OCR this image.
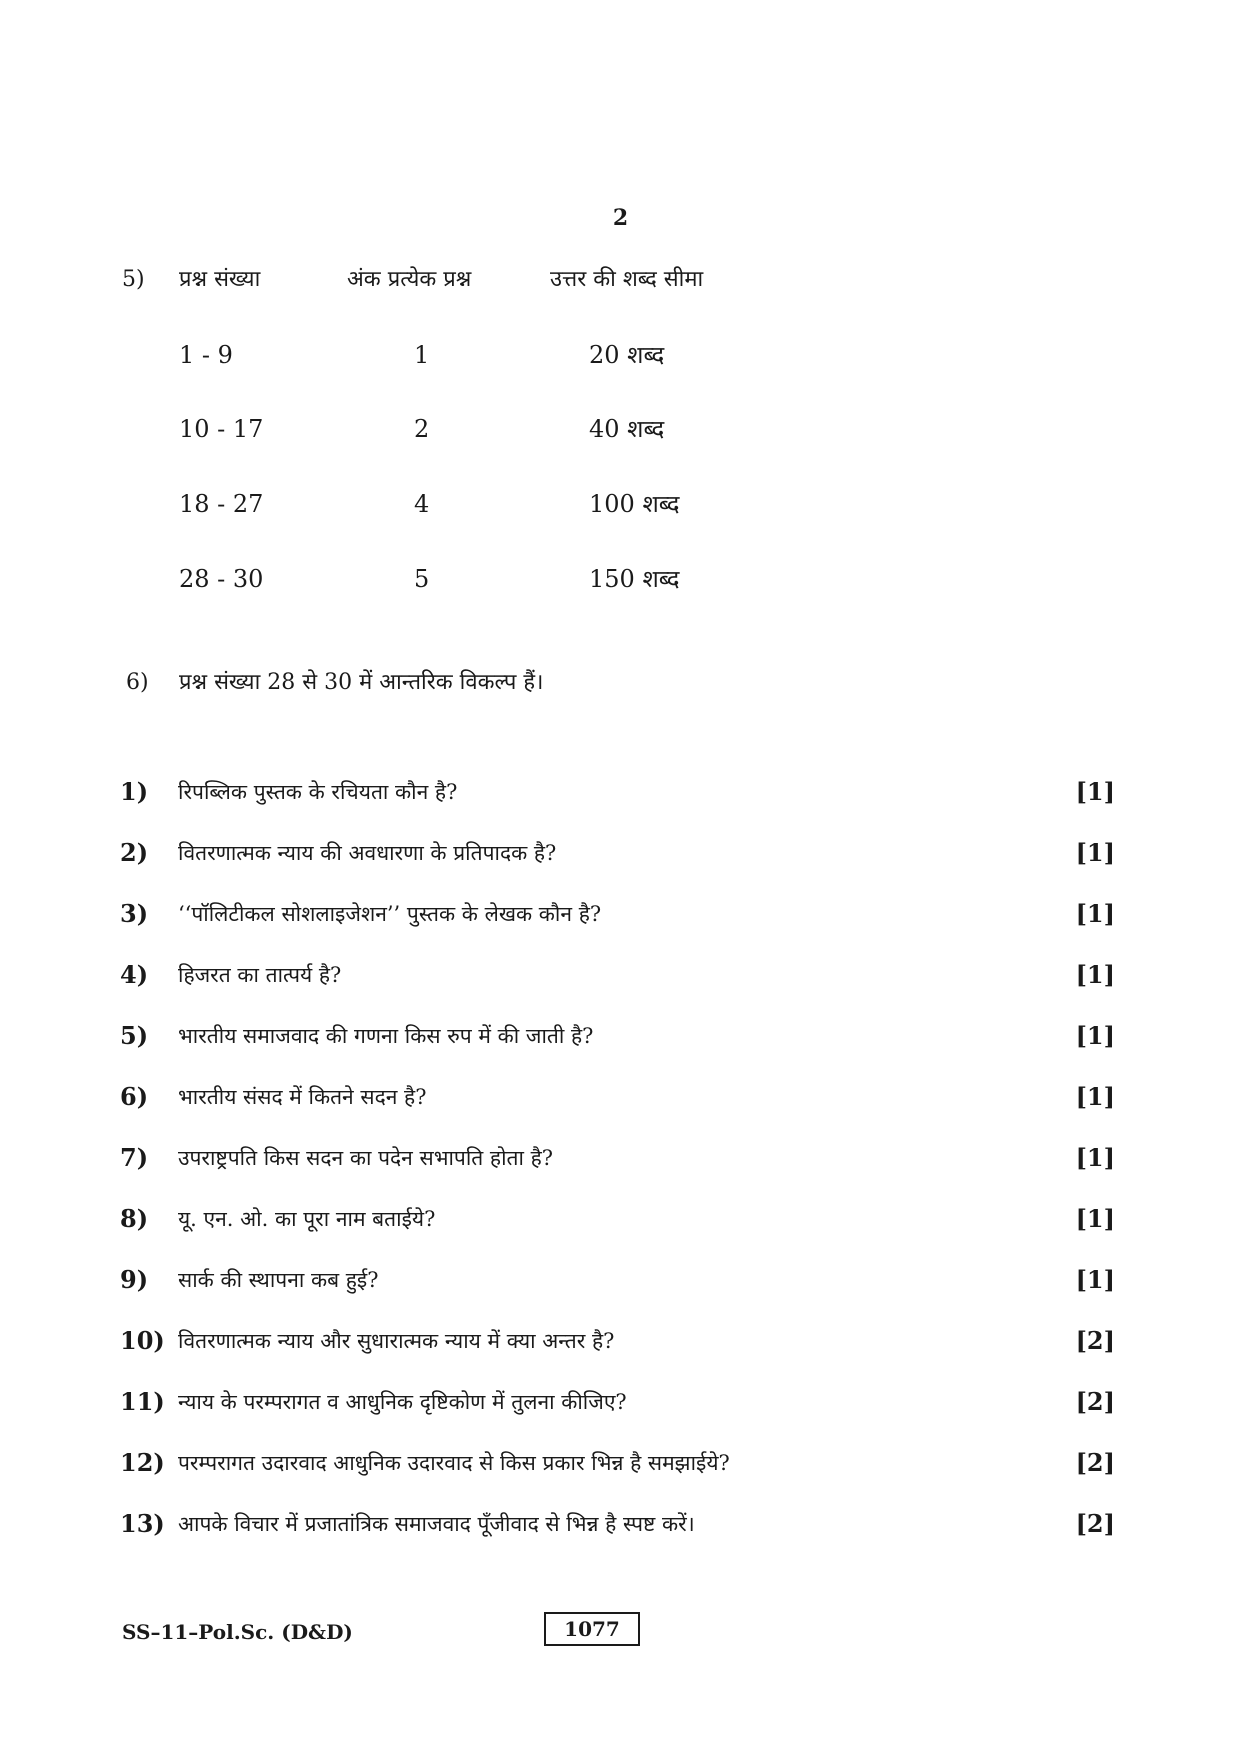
2
5) प्रश्न संख्या	अंक प्रत्येक प्रश्न	उत्तर की शब्द सीमा
1 - 9	1	20 शब्द
10 - 17	2	40 शब्द
18 - 27	4	100 शब्द
28 - 30	5	150 शब्द
6) प्रश्न संख्या 28 से 30 में आन्तरिक विकल्प हैं।
1) रिपब्लिक पुस्तक के रचियता कौन है?	[1]
2) वितरणात्मक न्याय की अवधारणा के प्रतिपादक है?	[1]
3) ‘‘पॉलिटीकल सोशलाइजेशन’’ पुस्तक के लेखक कौन है?	[1]
4) हिजरत का तात्पर्य है?	[1]
5) भारतीय समाजवाद की गणना किस रुप में की जाती है?	[1]
6) भारतीय संसद में कितने सदन है?	[1]
7) उपराष्ट्रपति किस सदन का पदेन सभापति होता है?	[1]
8) यू. एन. ओ. का पूरा नाम बताईये?	[1]
9) सार्क की स्थापना कब हुई?	[1]
10) वितरणात्मक न्याय और सुधारात्मक न्याय में क्या अन्तर है?	[2]
11) न्याय के परम्परागत व आधुनिक दृष्टिकोण में तुलना कीजिए?	[2]
12) परम्परागत उदारवाद आधुनिक उदारवाद से किस प्रकार भिन्न है समझाईये?	[2]
13) आपके विचार में प्रजातांत्रिक समाजवाद पूँजीवाद से भिन्न है स्पष्ट करें।	[2]
SS–11–Pol.Sc. (D&D)	1077
